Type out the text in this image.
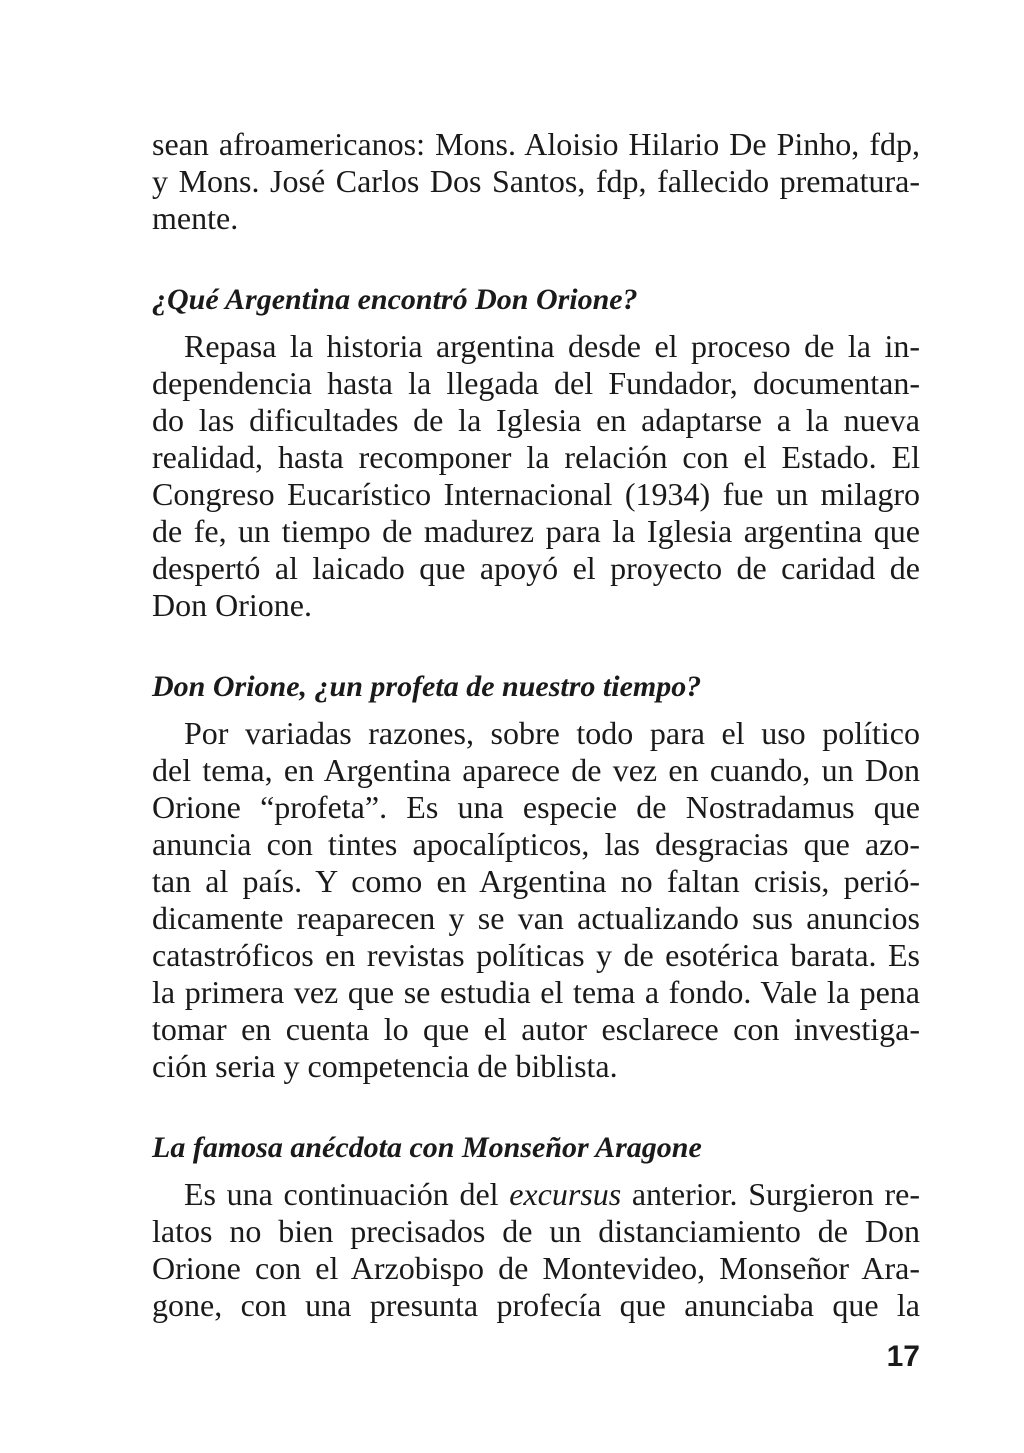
sean afroamericanos: Mons. Aloisio Hilario De Pinho, fdp,
y Mons. José Carlos Dos Santos, fdp, fallecido prematura-
mente.

¿Qué Argentina encontró Don Orione?

Repasa la historia argentina desde el proceso de la in-
dependencia hasta la llegada del Fundador, documentan-
do las dificultades de la Iglesia en adaptarse a la nueva
realidad, hasta recomponer la relación con el Estado. El
Congreso Eucarístico Internacional (1934) fue un milagro
de fe, un tiempo de madurez para la Iglesia argentina que
despertó al laicado que apoyó el proyecto de caridad de
Don Orione.

Don Orione, ¿un profeta de nuestro tiempo?

Por variadas razones, sobre todo para el uso político
del tema, en Argentina aparece de vez en cuando, un Don
Orione “profeta”. Es una especie de Nostradamus que
anuncia con tintes apocalípticos, las desgracias que azo-
tan al país. Y como en Argentina no faltan crisis, perió-
dicamente reaparecen y se van actualizando sus anuncios
catastróficos en revistas políticas y de esotérica barata. Es
la primera vez que se estudia el tema a fondo. Vale la pena
tomar en cuenta lo que el autor esclarece con investiga-
ción seria y competencia de biblista.

La famosa anécdota con Monseñor Aragone

Es una continuación del excursus anterior. Surgieron re-
latos no bien precisados de un distanciamiento de Don
Orione con el Arzobispo de Montevideo, Monseñor Ara-
gone, con una presunta profecía que anunciaba que la

17
